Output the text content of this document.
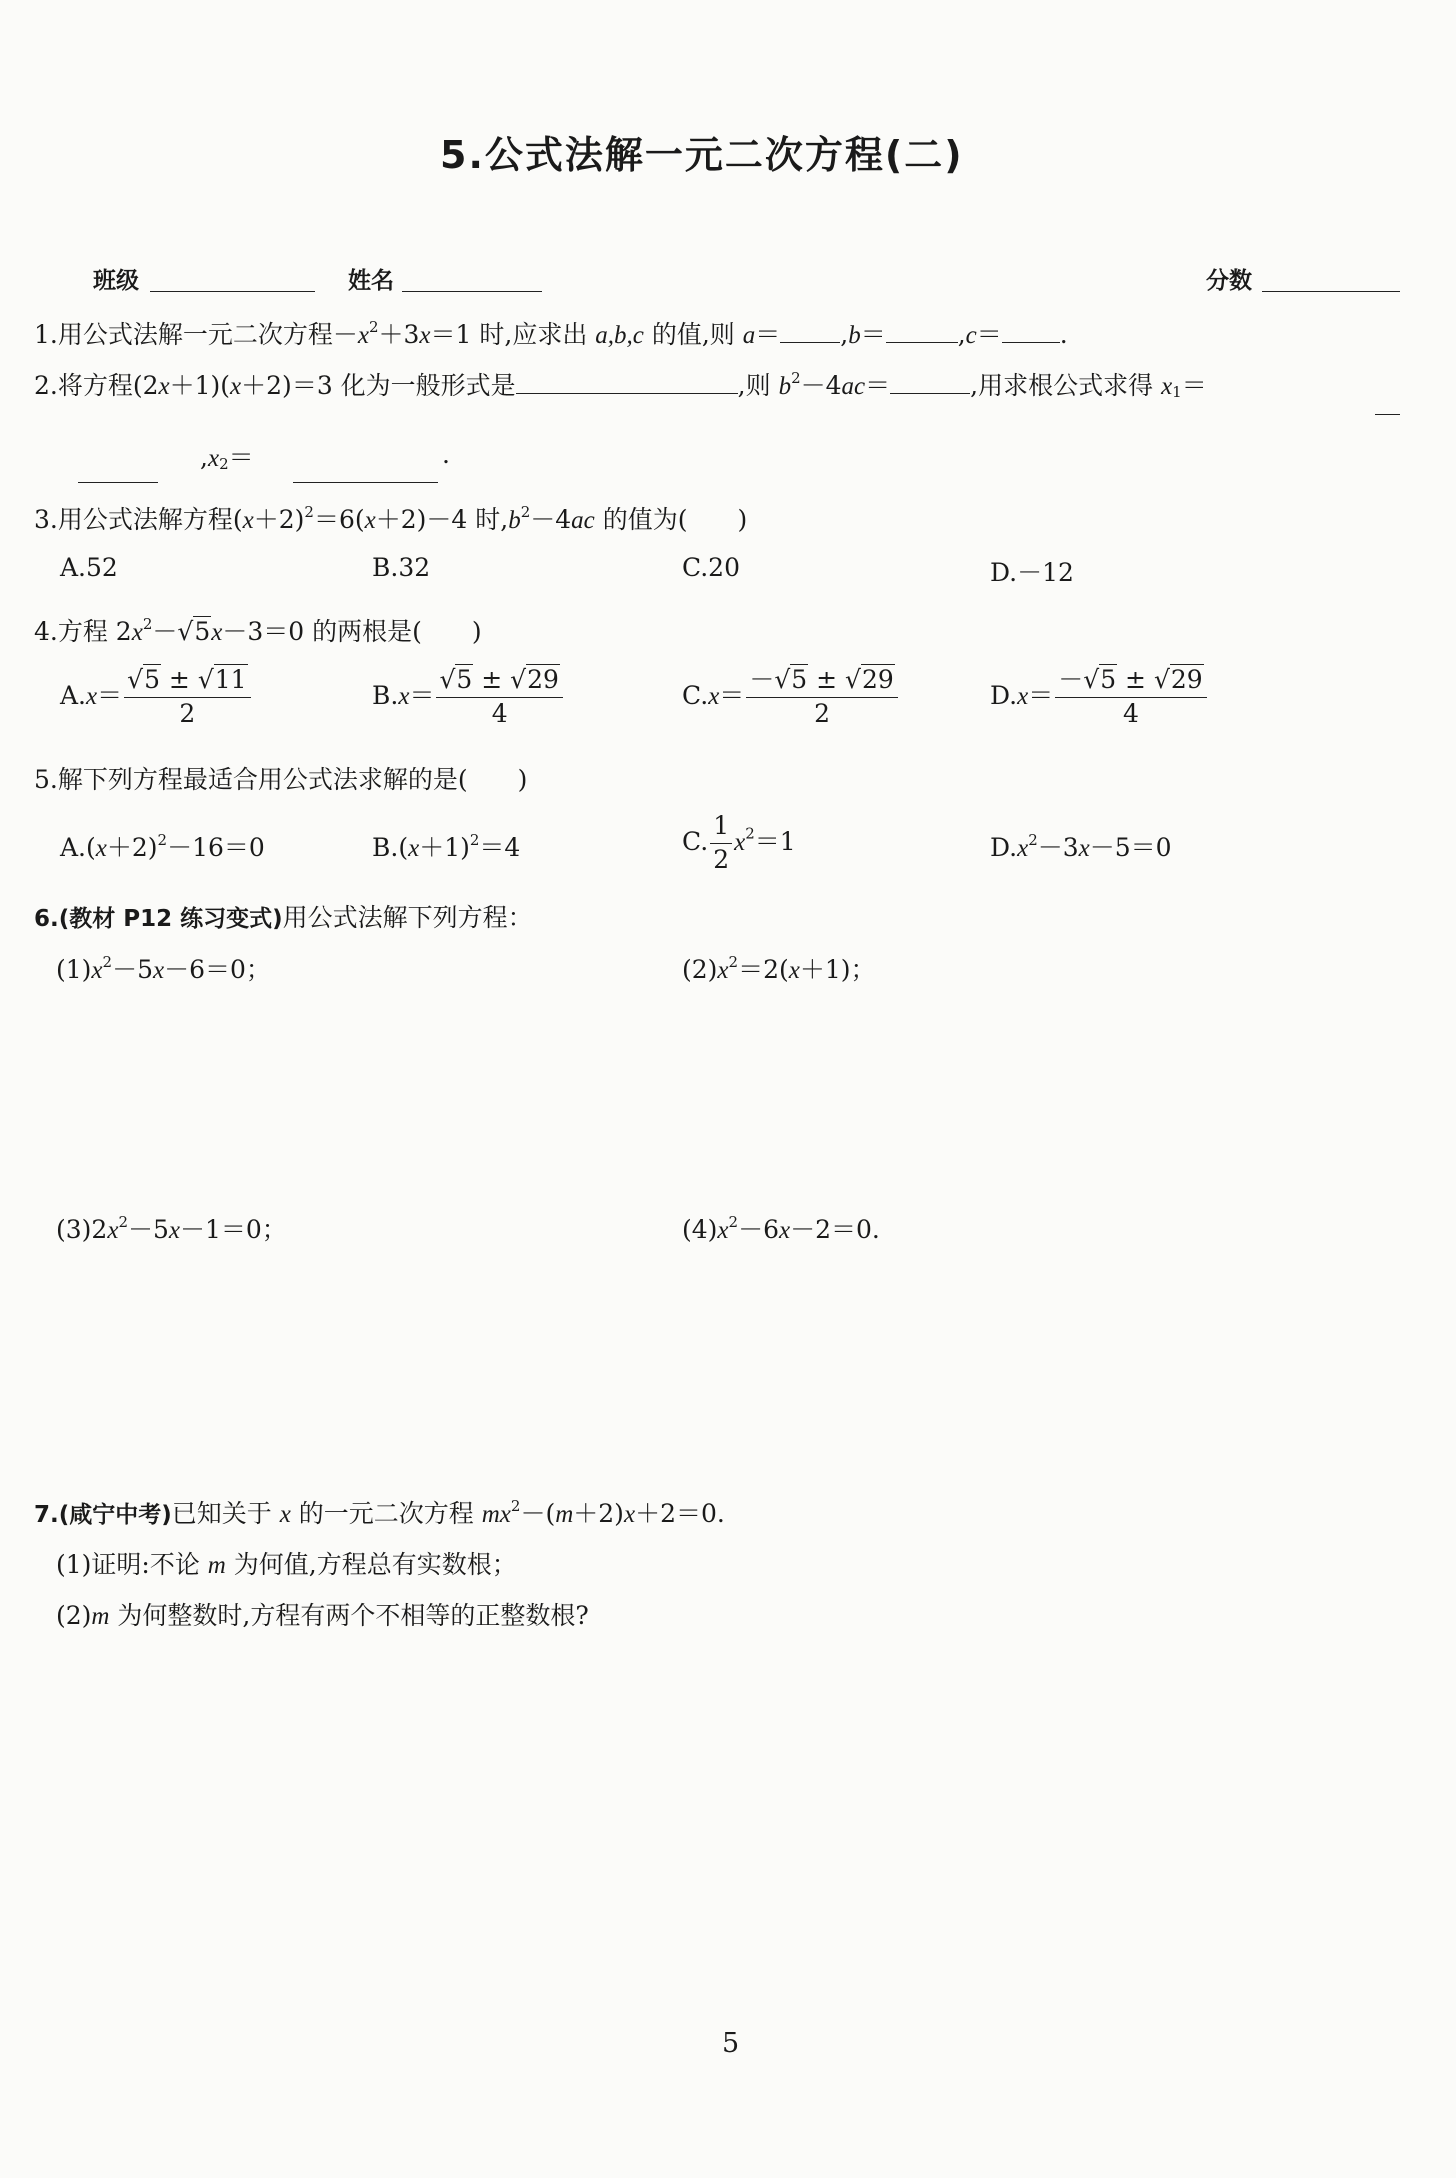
5.公式法解一元二次方程(二)
班级	姓名	分数
1.用公式法解一元二次方程$-x^2+3x=1$ 时,应求出 a,b,c 的值,则 a＝ ,b＝	,c＝ .
2.将方程(2x＋1)(x＋2)＝3 化为一般形式是	,则 $b^2-4ac=$	,用求根公式求得 $x_1=$
$,x_2=$	.
3.用公式法解方程$(x+2)^2=6(x+2)-4$ 时$,b^2-4ac$ 的值为(　　)
A.52	B.32	C.20	D.－12
4.方程 $2x^2-√5x-3=0$ 的两根是(　　)
$A.x= \frac{√5 \pm √11}{2}$	$B.x= \frac{√5 \pm √29}{4}$	$C.x= \frac{-√5 \pm √29}{2}$	$D.x= \frac{-√5 \pm √29}{4}$
5.解下列方程最适合用公式法求解的是(　　)
$A.(x+2)^2-16=0$	$B.(x+1)^2=4$	C. $\frac{1}{2} x^2=1$	$D.x^2-3x-5=0$
6.(教材 P12 练习变式)用公式法解下列方程：
$(1)x^2-5x-6=0$；	$(2)x^2=2(x+1)$；
$(3)2x^2-5x-1=0$；	$(4)x^2-6x-2=0$.
7.(咸宁中考)已知关于 x 的一元二次方程 $mx^2-(m+2)x+2=0$.
(1)证明:不论 m 为何值,方程总有实数根；
(2)m 为何整数时,方程有两个不相等的正整数根?
5
